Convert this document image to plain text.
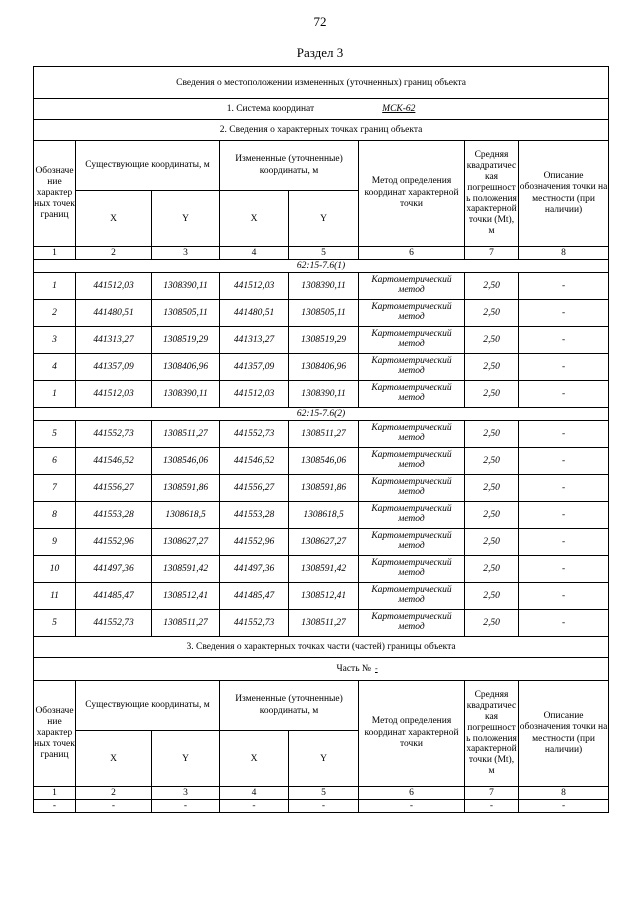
72
Раздел 3
Сведения о местоположении измененных (уточненных) границ объекта							
1. Система координат МСК-62							
2. Сведения о характерных точках границ объекта							
Обозначе ние характер ных точек границ	Существующие координаты, м		Измененные (уточненные) координаты, м		Метод определения координат характерной точки	Средняя квадратичес кая погрешност ь положения характерной точки (Mt), м	Описание обозначения точки на местности (при наличии)
	X	Y	X	Y			
1	2	3	4	5	6	7	8
62:15-7.6(1)							
1	441512,03	1308390,11	441512,03	1308390,11	Картометрический метод	2,50	-
2	441480,51	1308505,11	441480,51	1308505,11	Картометрический метод	2,50	-
3	441313,27	1308519,29	441313,27	1308519,29	Картометрический метод	2,50	-
4	441357,09	1308406,96	441357,09	1308406,96	Картометрический метод	2,50	-
1	441512,03	1308390,11	441512,03	1308390,11	Картометрический метод	2,50	-
62:15-7.6(2)							
5	441552,73	1308511,27	441552,73	1308511,27	Картометрический метод	2,50	-
6	441546,52	1308546,06	441546,52	1308546,06	Картометрический метод	2,50	-
7	441556,27	1308591,86	441556,27	1308591,86	Картометрический метод	2,50	-
8	441553,28	1308618,5	441553,28	1308618,5	Картометрический метод	2,50	-
9	441552,96	1308627,27	441552,96	1308627,27	Картометрический метод	2,50	-
10	441497,36	1308591,42	441497,36	1308591,42	Картометрический метод	2,50	-
11	441485,47	1308512,41	441485,47	1308512,41	Картометрический метод	2,50	-
5	441552,73	1308511,27	441552,73	1308511,27	Картометрический метод	2,50	-
3. Сведения о характерных точках части (частей) границы объекта							
Часть № -							
Обозначе ние характер ных точек границ	Существующие координаты, м		Измененные (уточненные) координаты, м		Метод определения координат характерной точки	Средняя квадратичес кая погрешност ь положения характерной точки (Mt), м	Описание обозначения точки на местности (при наличии)
	X	Y	X	Y			
1	2	3	4	5	6	7	8
-	-	-	-	-	-	-	-
